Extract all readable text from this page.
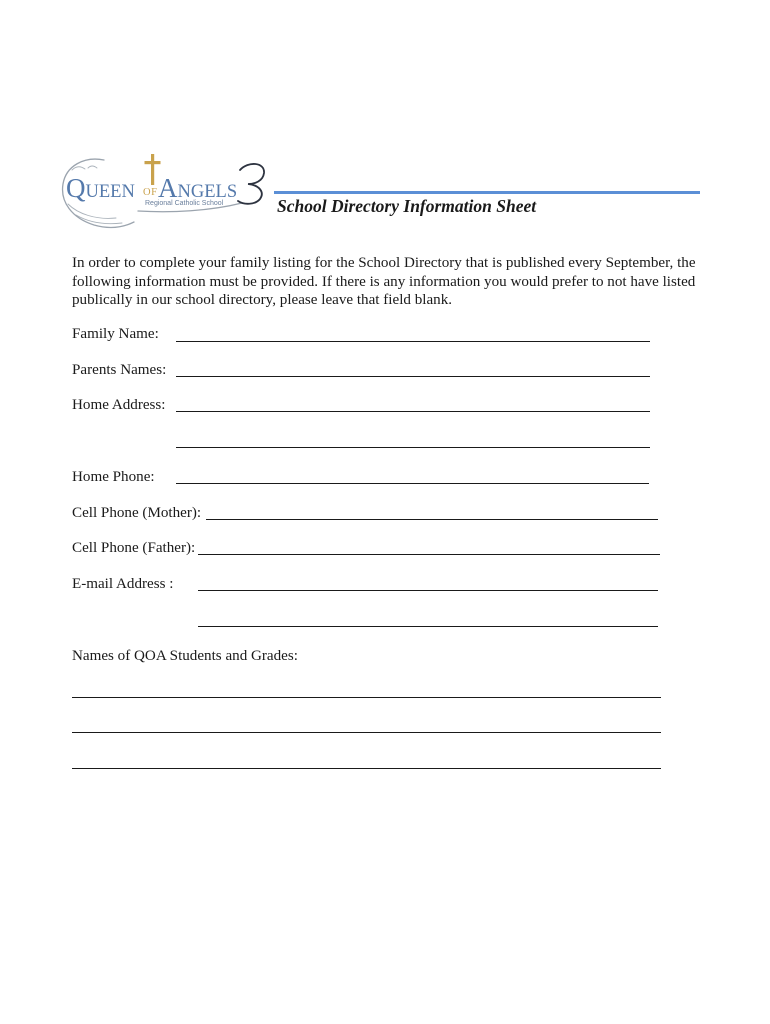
QUEEN OF ANGELS
Regional Catholic School	School Directory Information Sheet
In order to complete your family listing for the School Directory that is published every September, the
following information must be provided. If there is any information you would prefer to not have listed
publically in our school directory, please leave that field blank.
Family Name:
Parents Names:
Home Address:
Home Phone:
Cell Phone (Mother):
Cell Phone (Father):
E-mail Address :
Names of QOA Students and Grades:
